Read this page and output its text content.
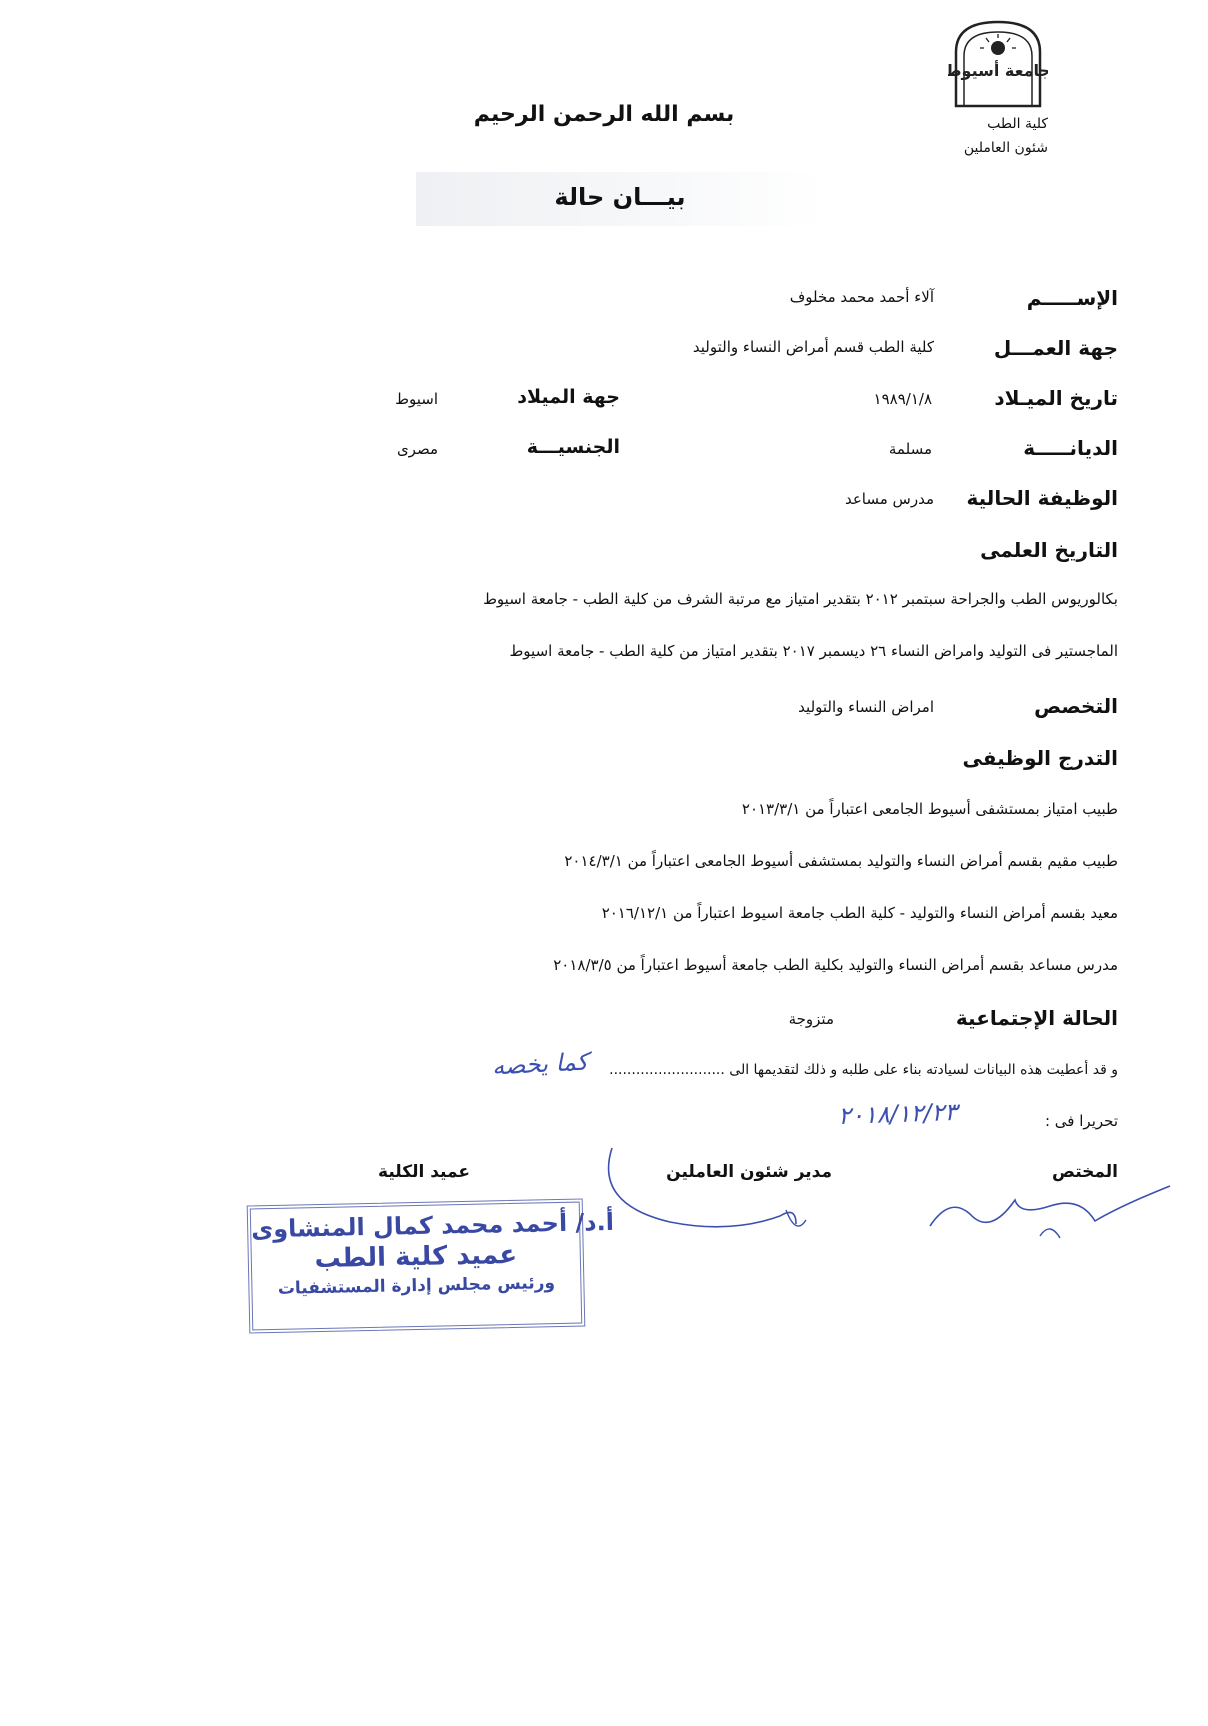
جامعة أسيوط
كلية الطب
شئون العاملين
بسم الله الرحمن الرحيم
بيـــان حالة
الإســـــم
آلاء أحمد محمد مخلوف
جهة العمـــل
كلية الطب قسم أمراض النساء والتوليد
تاريخ الميـلاد
١٩٨٩/١/٨
جهة الميلاد
اسيوط
الديانـــــة
مسلمة
الجنسيـــة
مصرى
الوظيفة الحالية
مدرس مساعد
التاريخ العلمى
بكالوريوس الطب والجراحة سبتمبر ٢٠١٢ بتقدير امتياز مع مرتبة الشرف من كلية الطب - جامعة اسيوط
الماجستير فى التوليد وامراض النساء ٢٦ ديسمبر ٢٠١٧ بتقدير امتياز من كلية الطب - جامعة اسيوط
التخصص
امراض النساء والتوليد
التدرج الوظيفى
طبيب امتياز بمستشفى أسيوط الجامعى اعتباراً من ٢٠١٣/٣/١
طبيب مقيم بقسم أمراض النساء والتوليد بمستشفى أسيوط الجامعى اعتباراً من ٢٠١٤/٣/١
معيد بقسم أمراض النساء والتوليد - كلية الطب جامعة اسيوط اعتباراً من ٢٠١٦/١٢/١
مدرس مساعد بقسم أمراض النساء والتوليد بكلية الطب جامعة أسيوط اعتباراً من ٢٠١٨/٣/٥
الحالة الإجتماعية
متزوجة
و قد أعطيت هذه البيانات لسيادته بناء على طلبه و ذلك لتقديمها الى ..........................
كما يخصه
تحريرا فى :
٢٠١٨/١٢/٢٣
المختص
مدير شئون العاملين
عميد الكلية
أ.د/ أحمد محمد كمال المنشاوى
عميد كلية الطب
ورئيس مجلس إدارة المستشفيات
